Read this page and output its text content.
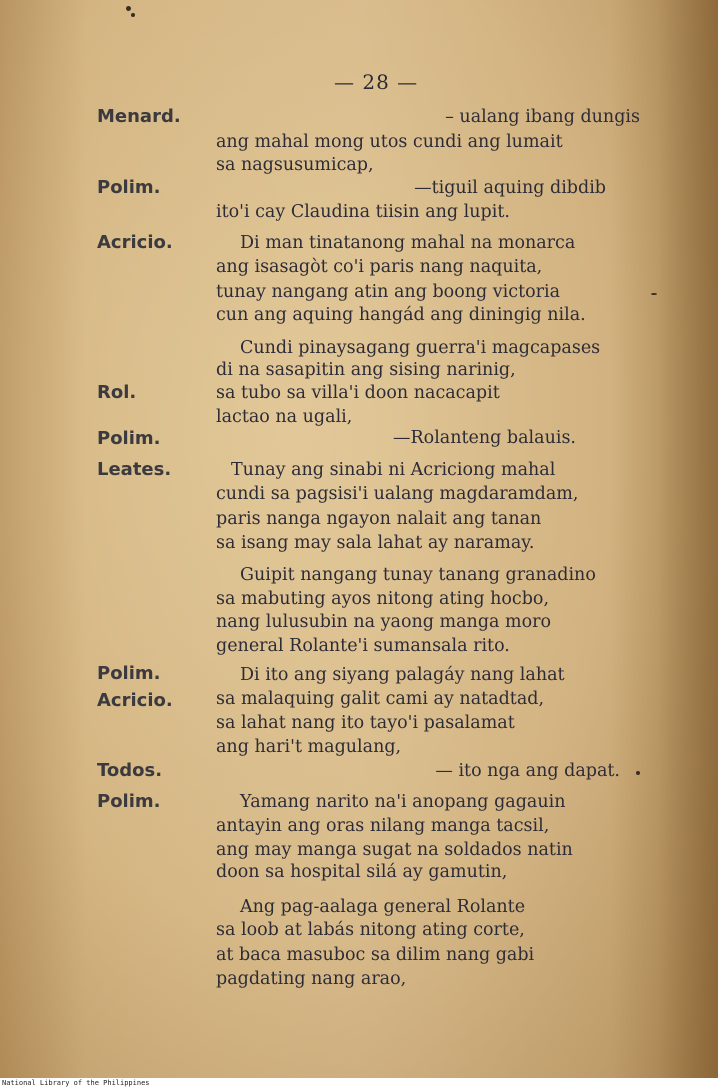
— 28 —
Menard.
Polim.
Acricio.
Rol.
Polim.
Leates.
Polim.
Acricio.
Todos.
Polim.
– ualang ibang dungis
ang mahal mong utos cundi ang lumait
sa nagsusumicap,
—tiguil aquing dibdib
ito'i cay Claudina tiisin ang lupit.
Di man tinatanong mahal na monarca
ang isasagòt co'i paris nang naquita,
tunay nangang atin ang boong victoria
cun ang aquing hangád ang diningig nila.
Cundi pinaysagang guerra'i magcapases
di na sasapitin ang sising narinig,
sa tubo sa villa'i doon nacacapit
lactao na ugali,
—Rolanteng balauis.
Tunay ang sinabi ni Acriciong mahal
cundi sa pagsisi'i ualang magdaramdam,
paris nanga ngayon nalait ang tanan
sa isang may sala lahat ay naramay.
Guipit nangang tunay tanang granadino
sa mabuting ayos nitong ating hocbo,
nang lulusubin na yaong manga moro
general Rolante'i sumansala rito.
Di ito ang siyang palagáy nang lahat
sa malaquing galit cami ay natadtad,
sa lahat nang ito tayo'i pasalamat
ang hari't magulang,
— ito nga ang dapat.
Yamang narito na'i anopang gagauin
antayin ang oras nilang manga tacsil,
ang may manga sugat na soldados natin
doon sa hospital silá ay gamutin,
Ang pag-aalaga general Rolante
sa loob at labás nitong ating corte,
at baca masuboc sa dilim nang gabi
pagdating nang arao,
National Library of the Philippines
